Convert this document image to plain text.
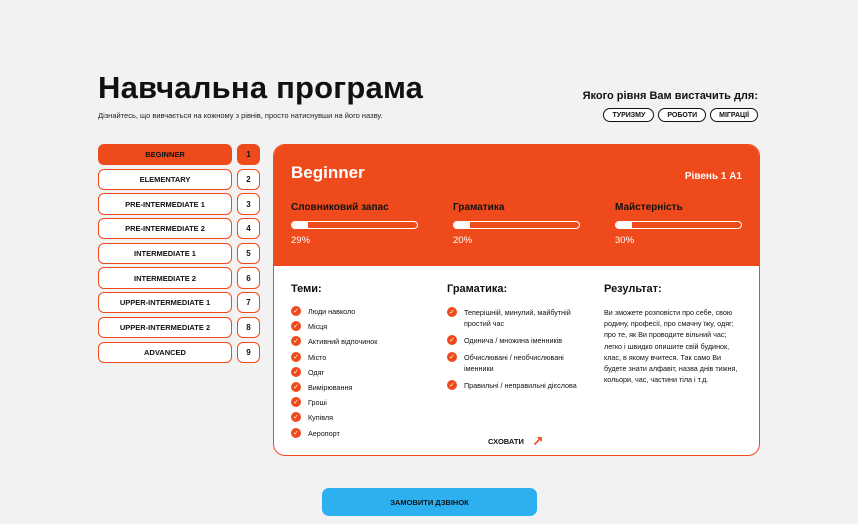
Навчальна програма
Дізнайтесь, що вивчається на кожному з рівнів, просто натиснувши на його назву.
Якого рівня Вам вистачить для:
ТУРИЗМУ	РОБОТИ	МІГРАЦІЇ
BEGINNER	1
ELEMENTARY	2
PRE-INTERMEDIATE 1	3
PRE-INTERMEDIATE 2	4
INTERMEDIATE 1	5
INTERMEDIATE 2	6
UPPER-INTERMEDIATE 1	7
UPPER-INTERMEDIATE 2	8
ADVANCED	9
Beginner	Рівень 1 А1
Словниковий запас
29%
Граматика
20%
Майстерність
30%
Теми:
✓ Люди навколо
✓ Місця
✓ Активний відпочинок
✓ Місто
✓ Одяг
✓ Вимірювання
✓ Гроші
✓ Купівля
✓ Аеропорт
Граматика:
✓ Теперішній, минулий, майбутній простий час
✓ Одинича / множина іменників
✓ Обчислювані / необчислювані іменники
✓ Правильні / неправильні дієслова
Результат:
Ви зможете розповісти про себе, свою родину, професії, про смачну їжу, одяг; про те, як Ви проводите вільний час; легко і швидко опишите свій будинок, клас, в якому вчитеся. Так само Ви будете знати алфавіт, назва днів тижня, кольори, час, частини тіла і т.д.
СХОВАТИ ↗
ЗАМОВИТИ ДЗВІНОК
